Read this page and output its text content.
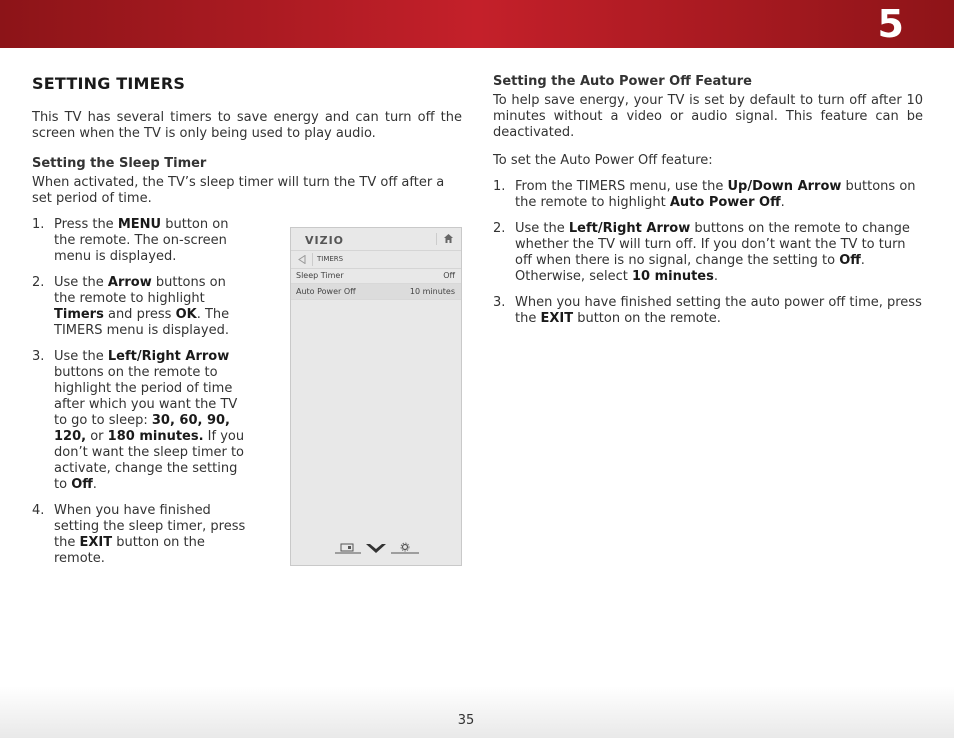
5
SETTING TIMERS

This TV has several timers to save energy and can turn off the screen when the TV is only being used to play audio.

Setting the Sleep Timer

When activated, the TV’s sleep timer will turn the TV off after a set period of time.

1. Press the MENU button on the remote. The on-screen menu is displayed.
2. Use the Arrow buttons on the remote to highlight Timers and press OK. The TIMERS menu is displayed.
3. Use the Left/Right Arrow buttons on the remote to highlight the period of time after which you want the TV to go to sleep: 30, 60, 90, 120, or 180 minutes. If you don’t want the sleep timer to activate, change the setting to Off.
4. When you have finished setting the sleep timer, press the EXIT button on the remote.
VIZIO
TIMERS
Sleep Timer	Off
Auto Power Off	10 minutes
Setting the Auto Power Off Feature

To help save energy, your TV is set by default to turn off after 10 minutes without a video or audio signal. This feature can be deactivated.

To set the Auto Power Off feature:

1. From the TIMERS menu, use the Up/Down Arrow buttons on the remote to highlight Auto Power Off.
2. Use the Left/Right Arrow buttons on the remote to change whether the TV will turn off. If you don’t want the TV to turn off when there is no signal, change the setting to Off. Otherwise, select 10 minutes.
3. When you have finished setting the auto power off time, press the EXIT button on the remote.
35
